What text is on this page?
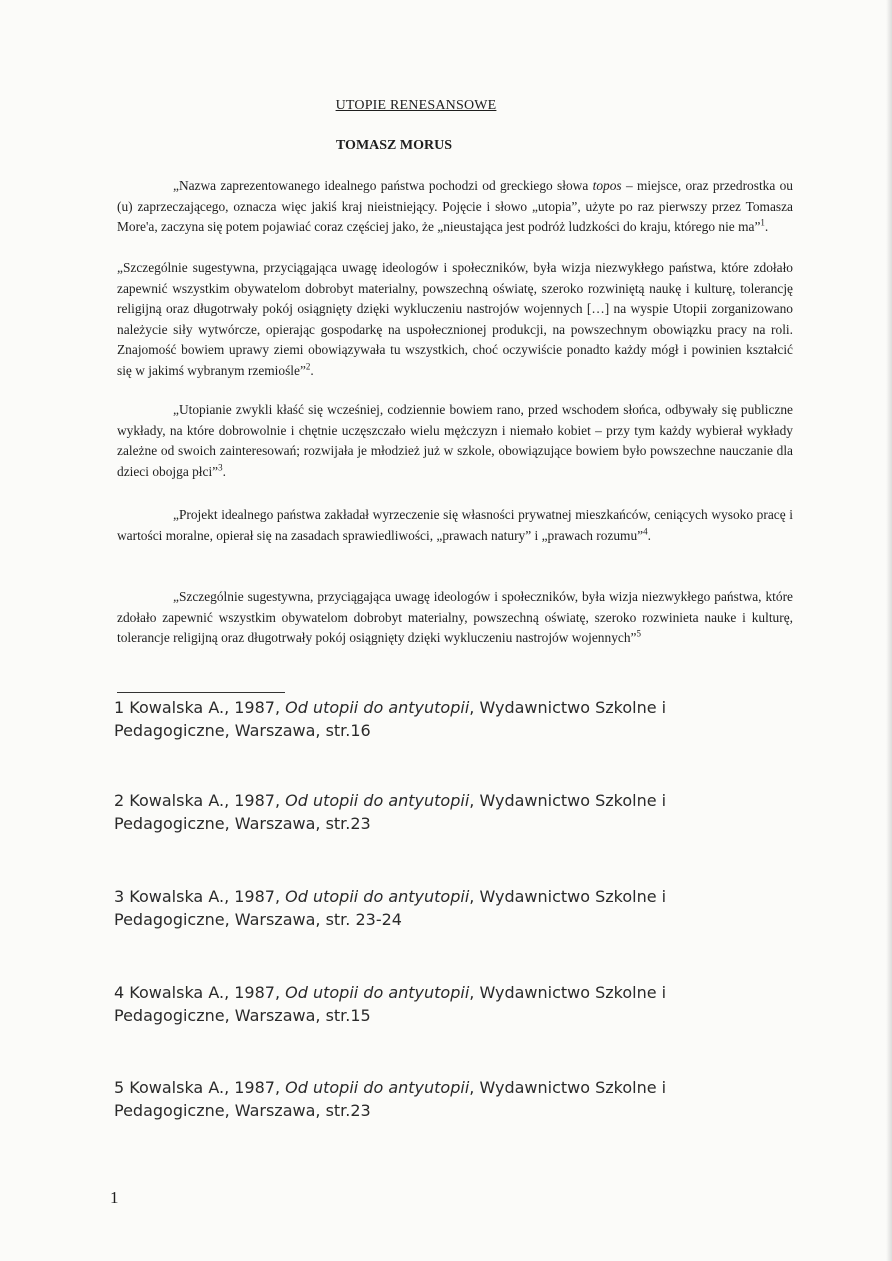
UTOPIE RENESANSOWE
TOMASZ MORUS

„Nazwa zaprezentowanego idealnego państwa pochodzi od greckiego słowa topos – miejsce, oraz przedrostka ou (u) zaprzeczającego, oznacza więc jakiś kraj nieistniejący. Pojęcie i słowo „utopia”, użyte po raz pierwszy przez Tomasza More'a, zaczyna się potem pojawiać coraz częściej jako, że „nieustająca jest podróż ludzkości do kraju, którego nie ma”$^1$.

„Szczególnie sugestywna, przyciągająca uwagę ideologów i społeczników, była wizja niezwykłego państwa, które zdołało zapewnić wszystkim obywatelom dobrobyt materialny, powszechną oświatę, szeroko rozwiniętą naukę i kulturę, tolerancję religijną oraz długotrwały pokój osiągnięty dzięki wykluczeniu nastrojów wojennych […] na wyspie Utopii zorganizowano należycie siły wytwórcze, opierając gospodarkę na uspołecznionej produkcji, na powszechnym obowiązku pracy na roli. Znajomość bowiem uprawy ziemi obowiązywała tu wszystkich, choć oczywiście ponadto każdy mógł i powinien kształcić się w jakimś wybranym rzemiośle”$^2$.

„Utopianie zwykli kłaść się wcześniej, codziennie bowiem rano, przed wschodem słońca, odbywały się publiczne wykłady, na które dobrowolnie i chętnie uczęszczało wielu mężczyzn i niemało kobiet – przy tym każdy wybierał wykłady zależne od swoich zainteresowań; rozwijała je młodzież już w szkole, obowiązujące bowiem było powszechne nauczanie dla dzieci obojga płci”$^3$.

„Projekt idealnego państwa zakładał wyrzeczenie się własności prywatnej mieszkańców, ceniących wysoko pracę i wartości moralne, opierał się na zasadach sprawiedliwości, „prawach natury” i „prawach rozumu”$^4$.

„Szczególnie sugestywna, przyciągająca uwagę ideologów i społeczników, była wizja niezwykłego państwa, które zdołało zapewnić wszystkim obywatelom dobrobyt materialny, powszechną oświatę, szeroko rozwinieta nauke i kulturę, tolerancje religijną oraz długotrwały pokój osiągnięty dzięki wykluczeniu nastrojów wojennych”$^5$

1 Kowalska A., 1987, Od utopii do antyutopii, Wydawnictwo Szkolne i Pedagogiczne, Warszawa, str.16

2 Kowalska A., 1987, Od utopii do antyutopii, Wydawnictwo Szkolne i Pedagogiczne, Warszawa, str.23

3 Kowalska A., 1987, Od utopii do antyutopii, Wydawnictwo Szkolne i Pedagogiczne, Warszawa, str. 23-24

4 Kowalska A., 1987, Od utopii do antyutopii, Wydawnictwo Szkolne i Pedagogiczne, Warszawa, str.15

5 Kowalska A., 1987, Od utopii do antyutopii, Wydawnictwo Szkolne i Pedagogiczne, Warszawa, str.23

1
